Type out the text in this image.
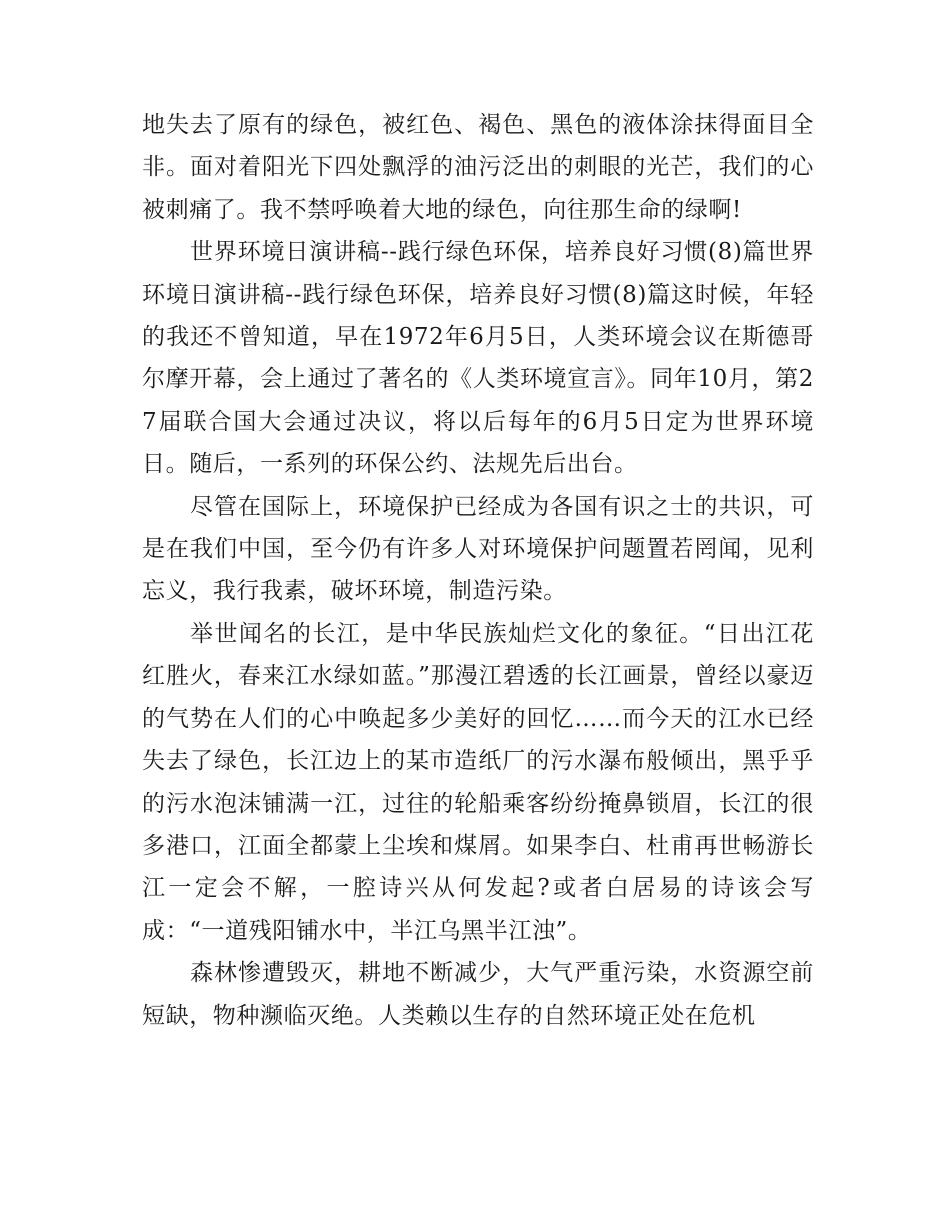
地失去了原有的绿色，被红色、褐色、黑色的液体涂抹得面目全非。面对着阳光下四处飘浮的油污泛出的刺眼的光芒，我们的心被刺痛了。我不禁呼唤着大地的绿色，向往那生命的绿啊!

世界环境日演讲稿--践行绿色环保，培养良好习惯(8)篇世界环境日演讲稿--践行绿色环保，培养良好习惯(8)篇这时候，年轻的我还不曾知道，早在1972年6月5日，人类环境会议在斯德哥尔摩开幕，会上通过了著名的《人类环境宣言》。同年10月，第27届联合国大会通过决议，将以后每年的6月5日定为世界环境日。随后，一系列的环保公约、法规先后出台。

尽管在国际上，环境保护已经成为各国有识之士的共识，可是在我们中国，至今仍有许多人对环境保护问题置若罔闻，见利忘义，我行我素，破坏环境，制造污染。

举世闻名的长江，是中华民族灿烂文化的象征。“日出江花红胜火，春来江水绿如蓝。”那漫江碧透的长江画景，曾经以豪迈的气势在人们的心中唤起多少美好的回忆……而今天的江水已经失去了绿色，长江边上的某市造纸厂的污水瀑布般倾出，黑乎乎的污水泡沫铺满一江，过往的轮船乘客纷纷掩鼻锁眉，长江的很多港口，江面全都蒙上尘埃和煤屑。如果李白、杜甫再世畅游长江一定会不解，一腔诗兴从何发起?或者白居易的诗该会写成：“一道残阳铺水中，半江乌黑半江浊”。

森林惨遭毁灭，耕地不断减少，大气严重污染，水资源空前短缺，物种濒临灭绝。人类赖以生存的自然环境正处在危机
